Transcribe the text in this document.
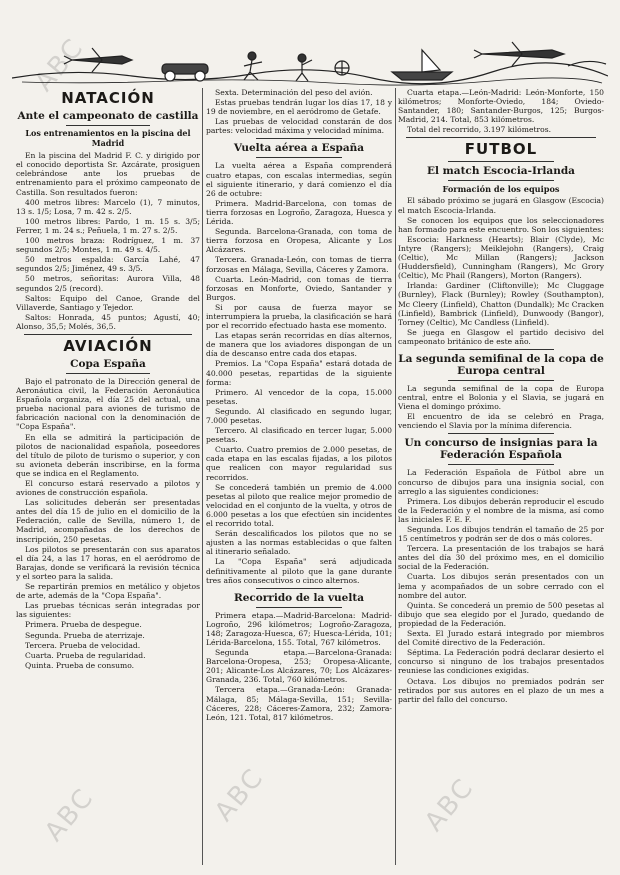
NATACIÓN
Ante el campeonato de castilla
Los entrenamientos en la piscina del Madrid

En la piscina del Madrid F. C. y dirigido por el conocido deportista Sr. Azcárate, prosiguen celebrándose ante los pruebas de entrenamiento para el próximo campeonato de Castilla. Son resultados fueron:

400 metros libres: Marcelo (1), 7 minutos, 13 s. 1/5; Losa, 7 m. 42 s. 2/5.

100 metros libres: Pardo, 1 m. 15 s. 3/5; Ferrer, 1 m. 24 s.; Peñuela, 1 m. 27 s. 2/5.

100 metros braza: Rodríguez, 1 m. 37 segundos 2/5; Montes, 1 m. 49 s. 4/5.

50 metros espalda: García Lahé, 47 segundos 2/5; Jiménez, 49 s. 3/5.

50 metros, señoritas: Aurora Villa, 48 segundos 2/5 (record).

Saltos: Equipo del Canoe, Grande del Villaverde, Santiago y Tejedor.

Saltos: Honrada, 45 puntos; Agustí, 40; Alonso, 35,5; Molés, 36,5.

AVIACIÓN
Copa España

Bajo el patronato de la Dirección general de Aeronáutica civil, la Federación Aeronáutica Española organiza, el día 25 del actual, una prueba nacional para aviones de turismo de fabricación nacional con la denominación de "Copa España".

En ella se admitirá la participación de pilotos de nacionalidad española, poseedores del título de piloto de turismo o superior, y con su avioneta deberán inscribirse, en la forma que se indica en el Reglamento.

El concurso estará reservado a pilotos y aviones de construcción española.

Las solicitudes deberán ser presentadas antes del día 15 de julio en el domicilio de la Federación, calle de Sevilla, número 1, de Madrid, acompañadas de los derechos de inscripción, 250 pesetas.

Los pilotos se presentarán con sus aparatos el día 24, a las 17 horas, en el aeródromo de Barajas, donde se verificará la revisión técnica y el sorteo para la salida.

Se repartirán premios en metálico y objetos de arte, además de la "Copa España".

Las pruebas técnicas serán integradas por las siguientes:

Primera. Prueba de despegue.

Segunda. Prueba de aterrizaje.

Tercera. Prueba de velocidad.

Cuarta. Prueba de regularidad.

Quinta. Prueba de consumo.

Sexta. Determinación del peso del avión.

Estas pruebas tendrán lugar los días 17, 18 y 19 de noviembre, en el aeródromo de Getafe.

Las pruebas de velocidad constarán de dos partes: velocidad máxima y velocidad mínima.

Vuelta aérea a España

La vuelta aérea a España comprenderá cuatro etapas, con escalas intermedias, según el siguiente itinerario, y dará comienzo el día 26 de octubre:

Primera. Madrid-Barcelona, con tomas de tierra forzosas en Logroño, Zaragoza, Huesca y Lérida.

Segunda. Barcelona-Granada, con toma de tierra forzosa en Oropesa, Alicante y Los Alcázares.

Tercera. Granada-León, con tomas de tierra forzosas en Málaga, Sevilla, Cáceres y Zamora.

Cuarta. León-Madrid, con tomas de tierra forzosas en Monforte, Oviedo, Santander y Burgos.

Si por causa de fuerza mayor se interrumpiera la prueba, la clasificación se hará por el recorrido efectuado hasta ese momento.

Las etapas serán recorridas en días alternos, de manera que los aviadores dispongan de un día de descanso entre cada dos etapas.

Premios. La "Copa España" estará dotada de 40.000 pesetas, repartidas de la siguiente forma:

Primero. Al vencedor de la copa, 15.000 pesetas.

Segundo. Al clasificado en segundo lugar, 7.000 pesetas.

Tercero. Al clasificado en tercer lugar, 5.000 pesetas.

Cuarto. Cuatro premios de 2.000 pesetas, de cada etapa en las escalas fijadas, a los pilotos que realicen con mayor regularidad sus recorridos.

Se concederá también un premio de 4.000 pesetas al piloto que realice mejor promedio de velocidad en el conjunto de la vuelta, y otros de 6.000 pesetas a los que efectúen sin incidentes el recorrido total.

Serán descalificados los pilotos que no se ajusten a las normas establecidas o que falten al itinerario señalado.

La "Copa España" será adjudicada definitivamente al piloto que la gane durante tres años consecutivos o cinco alternos.

Recorrido de la vuelta

Primera etapa.—Madrid-Barcelona: Madrid-Logroño, 296 kilómetros; Logroño-Zaragoza, 148; Zaragoza-Huesca, 67; Huesca-Lérida, 101; Lérida-Barcelona, 155. Total, 767 kilómetros.

Segunda etapa.—Barcelona-Granada: Barcelona-Oropesa, 253; Oropesa-Alicante, 201; Alicante-Los Alcázares, 70; Los Alcázares-Granada, 236. Total, 760 kilómetros.

Tercera etapa.—Granada-León: Granada-Málaga, 85; Málaga-Sevilla, 151; Sevilla-Cáceres, 228; Cáceres-Zamora, 232; Zamora-León, 121. Total, 817 kilómetros.

Cuarta etapa.—León-Madrid: León-Monforte, 150 kilómetros; Monforte-Oviedo, 184; Oviedo-Santander, 180; Santander-Burgos, 125; Burgos-Madrid, 214. Total, 853 kilómetros.

Total del recorrido, 3.197 kilómetros.

FUTBOL
El match Escocia-Irlanda
Formación de los equipos

El sábado próximo se jugará en Glasgow (Escocia) el match Escocia-Irlanda.

Se conocen los equipos que los seleccionadores han formado para este encuentro. Son los siguientes:

Escocia: Harkness (Hearts); Blair (Clyde), Mc Intyre (Rangers); Meiklejohn (Rangers), Craig (Celtic), Mc Millan (Rangers); Jackson (Huddersfield), Cunningham (Rangers), Mc Grory (Celtic), Mc Phail (Rangers), Morton (Rangers).

Irlanda: Gardiner (Cliftonville); Mc Cluggage (Burnley), Flack (Burnley); Rowley (Southampton), Mc Cleery (Linfield), Chatton (Dundalk); Mc Cracken (Linfield), Bambrick (Linfield), Dunwoody (Bangor), Torney (Celtic), Mc Candless (Linfield).

Se juega en Glasgow el partido decisivo del campeonato británico de este año.

La segunda semifinal de la copa de Europa central

La segunda semifinal de la copa de Europa central, entre el Bolonia y el Slavia, se jugará en Viena el domingo próximo.

El encuentro de ida se celebró en Praga, venciendo el Slavia por la mínima diferencia.

Un concurso de insignias para la Federación Española

La Federación Española de Fútbol abre un concurso de dibujos para una insignia social, con arreglo a las siguientes condiciones:

Primera. Los dibujos deberán reproducir el escudo de la Federación y el nombre de la misma, así como las iniciales F. E. F.

Segunda. Los dibujos tendrán el tamaño de 25 por 15 centímetros y podrán ser de dos o más colores.

Tercera. La presentación de los trabajos se hará antes del día 30 del próximo mes, en el domicilio social de la Federación.

Cuarta. Los dibujos serán presentados con un lema y acompañados de un sobre cerrado con el nombre del autor.

Quinta. Se concederá un premio de 500 pesetas al dibujo que sea elegido por el Jurado, quedando de propiedad de la Federación.

Sexta. El Jurado estará integrado por miembros del Comité directivo de la Federación.

Séptima. La Federación podrá declarar desierto el concurso si ninguno de los trabajos presentados reuniese las condiciones exigidas.

Octava. Los dibujos no premiados podrán ser retirados por sus autores en el plazo de un mes a partir del fallo del concurso.

ABC
ABC	ABC	ABC
